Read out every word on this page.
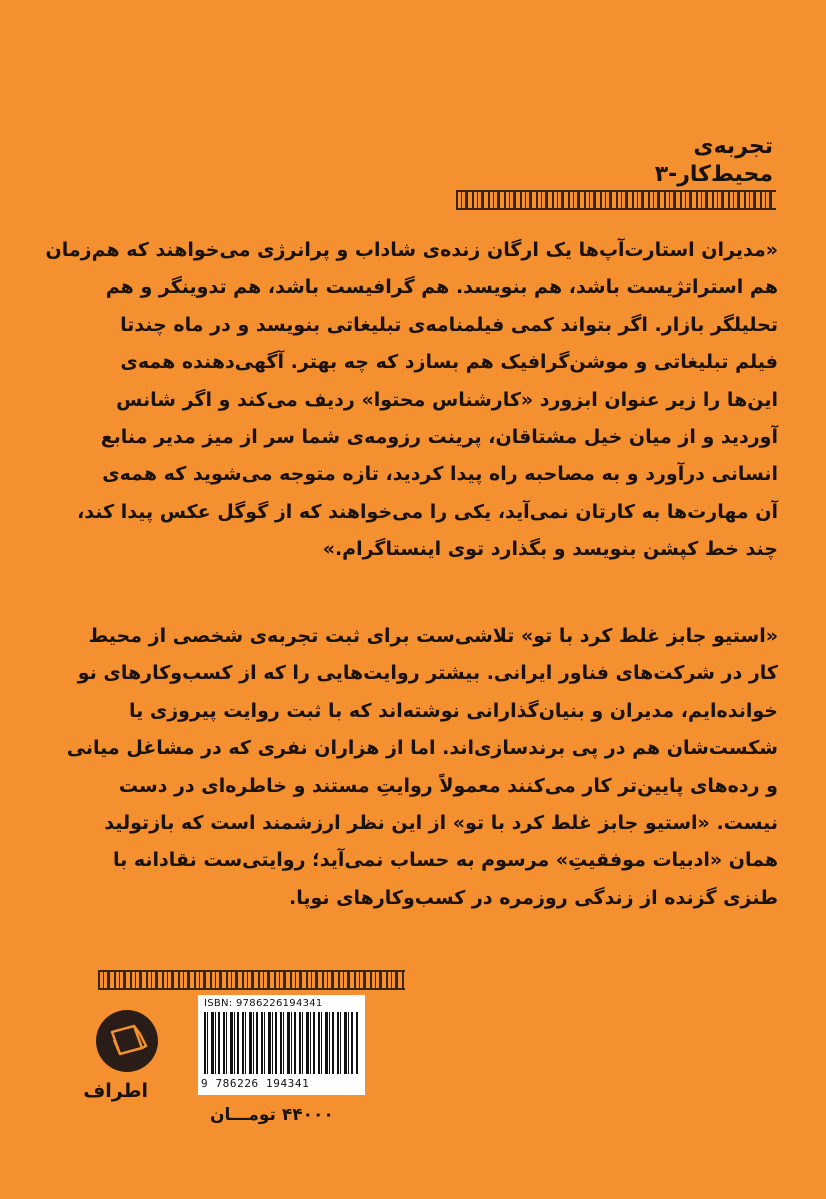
تجربه‌ی
محیط‌کار-۳

«مدیران استارت‌آپ‌ها یک ارگان زنده‌ی شاداب و پرانرژی می‌خواهند که هم‌زمان

هم استراتژیست باشد، هم بنویسد. هم گرافیست باشد، هم تدوینگر و هم

تحلیلگر بازار. اگر بتواند کمی فیلمنامه‌ی تبلیغاتی بنویسد و در ماه چندتا

فیلم تبلیغاتی و موشن‌گرافیک هم بسازد که چه بهتر. آگهی‌دهنده همه‌ی

این‌ها را زیر عنوان ابزورد «کارشناس محتوا» ردیف می‌کند و اگر شانس

آوردید و از میان خیل مشتاقان، پرینت رزومه‌ی شما سر از میز مدیر منابع

انسانی درآورد و به مصاحبه راه پیدا کردید، تازه متوجه می‌شوید که همه‌ی

آن مهارت‌ها به کارتان نمی‌آید، یکی را می‌خواهند که از گوگل عکس پیدا کند،

چند خط کپشن بنویسد و بگذارد توی اینستاگرام.»

«استیو جابز غلط کرد با تو» تلاشی‌ست برای ثبت تجربه‌ی شخصی از محیط

کار در شرکت‌های فناور ایرانی. بیشتر روایت‌هایی را که از کسب‌وکارهای نو

خوانده‌ایم، مدیران و بنیان‌گذارانی نوشته‌اند که با ثبت روایت پیروزی یا

شکست‌شان هم در پی برندسازی‌اند. اما از هزاران نفری که در مشاغل میانی

و رده‌های پایین‌تر کار می‌کنند معمولاً روایتِ مستند و خاطره‌ای در دست

نیست. «استیو جابز غلط کرد با تو» از این نظر ارزشمند است که بازتولید

همان «ادبیات موفقیتِ» مرسوم به حساب نمی‌آید؛ روایتی‌ست نقادانه با

طنزی گزنده از زندگی روزمره در کسب‌وکارهای نوپا.

اطراف
ISBN: 9786226194341
9 786226 194341
۴۴۰۰۰ تومـــان
